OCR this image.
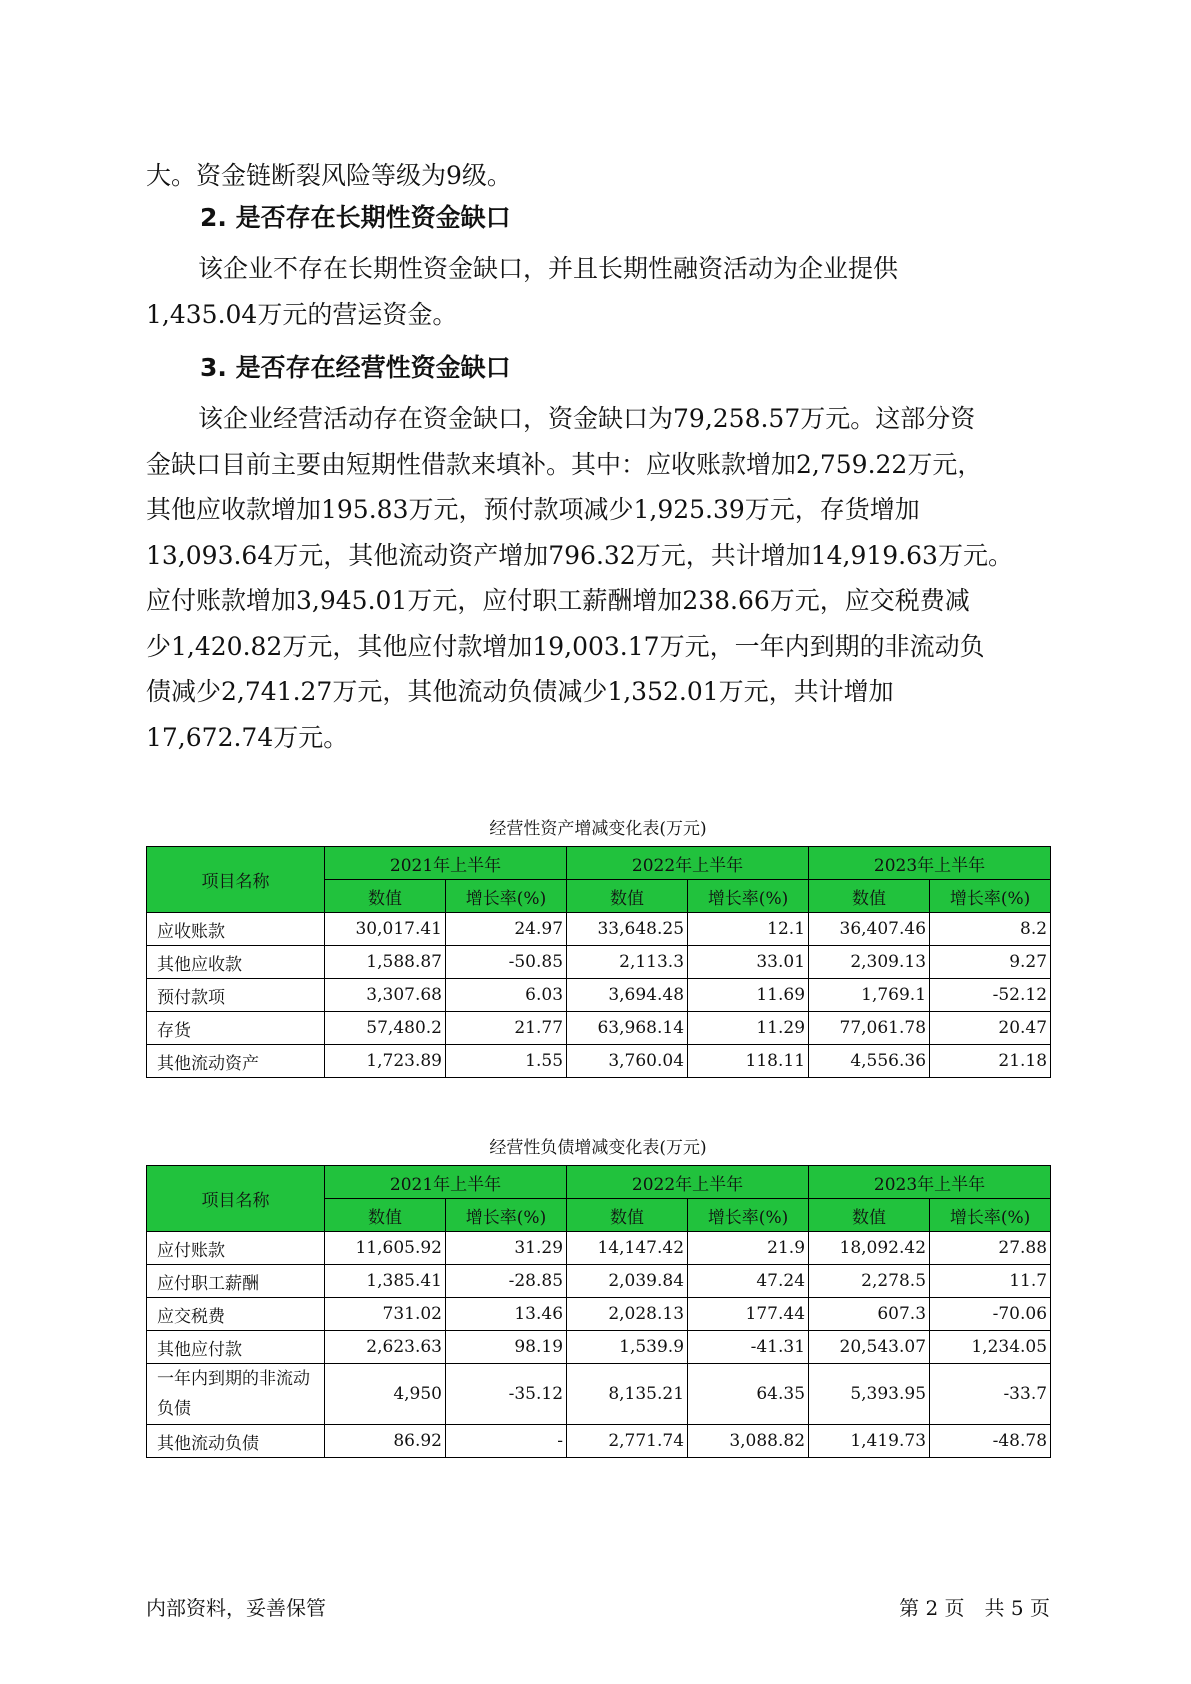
大。资金链断裂风险等级为9级。

2. 是否存在长期性资金缺口

该企业不存在长期性资金缺口，并且长期性融资活动为企业提供
1,435.04万元的营运资金。

3. 是否存在经营性资金缺口

该企业经营活动存在资金缺口，资金缺口为79,258.57万元。这部分资
金缺口目前主要由短期性借款来填补。其中：应收账款增加2,759.22万元，
其他应收款增加195.83万元，预付款项减少1,925.39万元，存货增加
13,093.64万元，其他流动资产增加796.32万元，共计增加14,919.63万元。
应付账款增加3,945.01万元，应付职工薪酬增加238.66万元，应交税费减
少1,420.82万元，其他应付款增加19,003.17万元，一年内到期的非流动负
债减少2,741.27万元，其他流动负债减少1,352.01万元，共计增加
17,672.74万元。

经营性资产增减变化表(万元)

项目名称	2021年上半年		2022年上半年		2023年上半年	
	数值	增长率(%)	数值	增长率(%)	数值	增长率(%)
应收账款	30,017.41	24.97	33,648.25	12.1	36,407.46	8.2
其他应收款	1,588.87	-50.85	2,113.3	33.01	2,309.13	9.27
预付款项	3,307.68	6.03	3,694.48	11.69	1,769.1	-52.12
存货	57,480.2	21.77	63,968.14	11.29	77,061.78	20.47
其他流动资产	1,723.89	1.55	3,760.04	118.11	4,556.36	21.18

经营性负债增减变化表(万元)

项目名称	2021年上半年		2022年上半年		2023年上半年	
	数值	增长率(%)	数值	增长率(%)	数值	增长率(%)
应付账款	11,605.92	31.29	14,147.42	21.9	18,092.42	27.88
应付职工薪酬	1,385.41	-28.85	2,039.84	47.24	2,278.5	11.7
应交税费	731.02	13.46	2,028.13	177.44	607.3	-70.06
其他应付款	2,623.63	98.19	1,539.9	-41.31	20,543.07	1,234.05
一年内到期的非流动负债	4,950	-35.12	8,135.21	64.35	5,393.95	-33.7
其他流动负债	86.92	-	2,771.74	3,088.82	1,419.73	-48.78

内部资料，妥善保管	第 2 页　共 5 页
